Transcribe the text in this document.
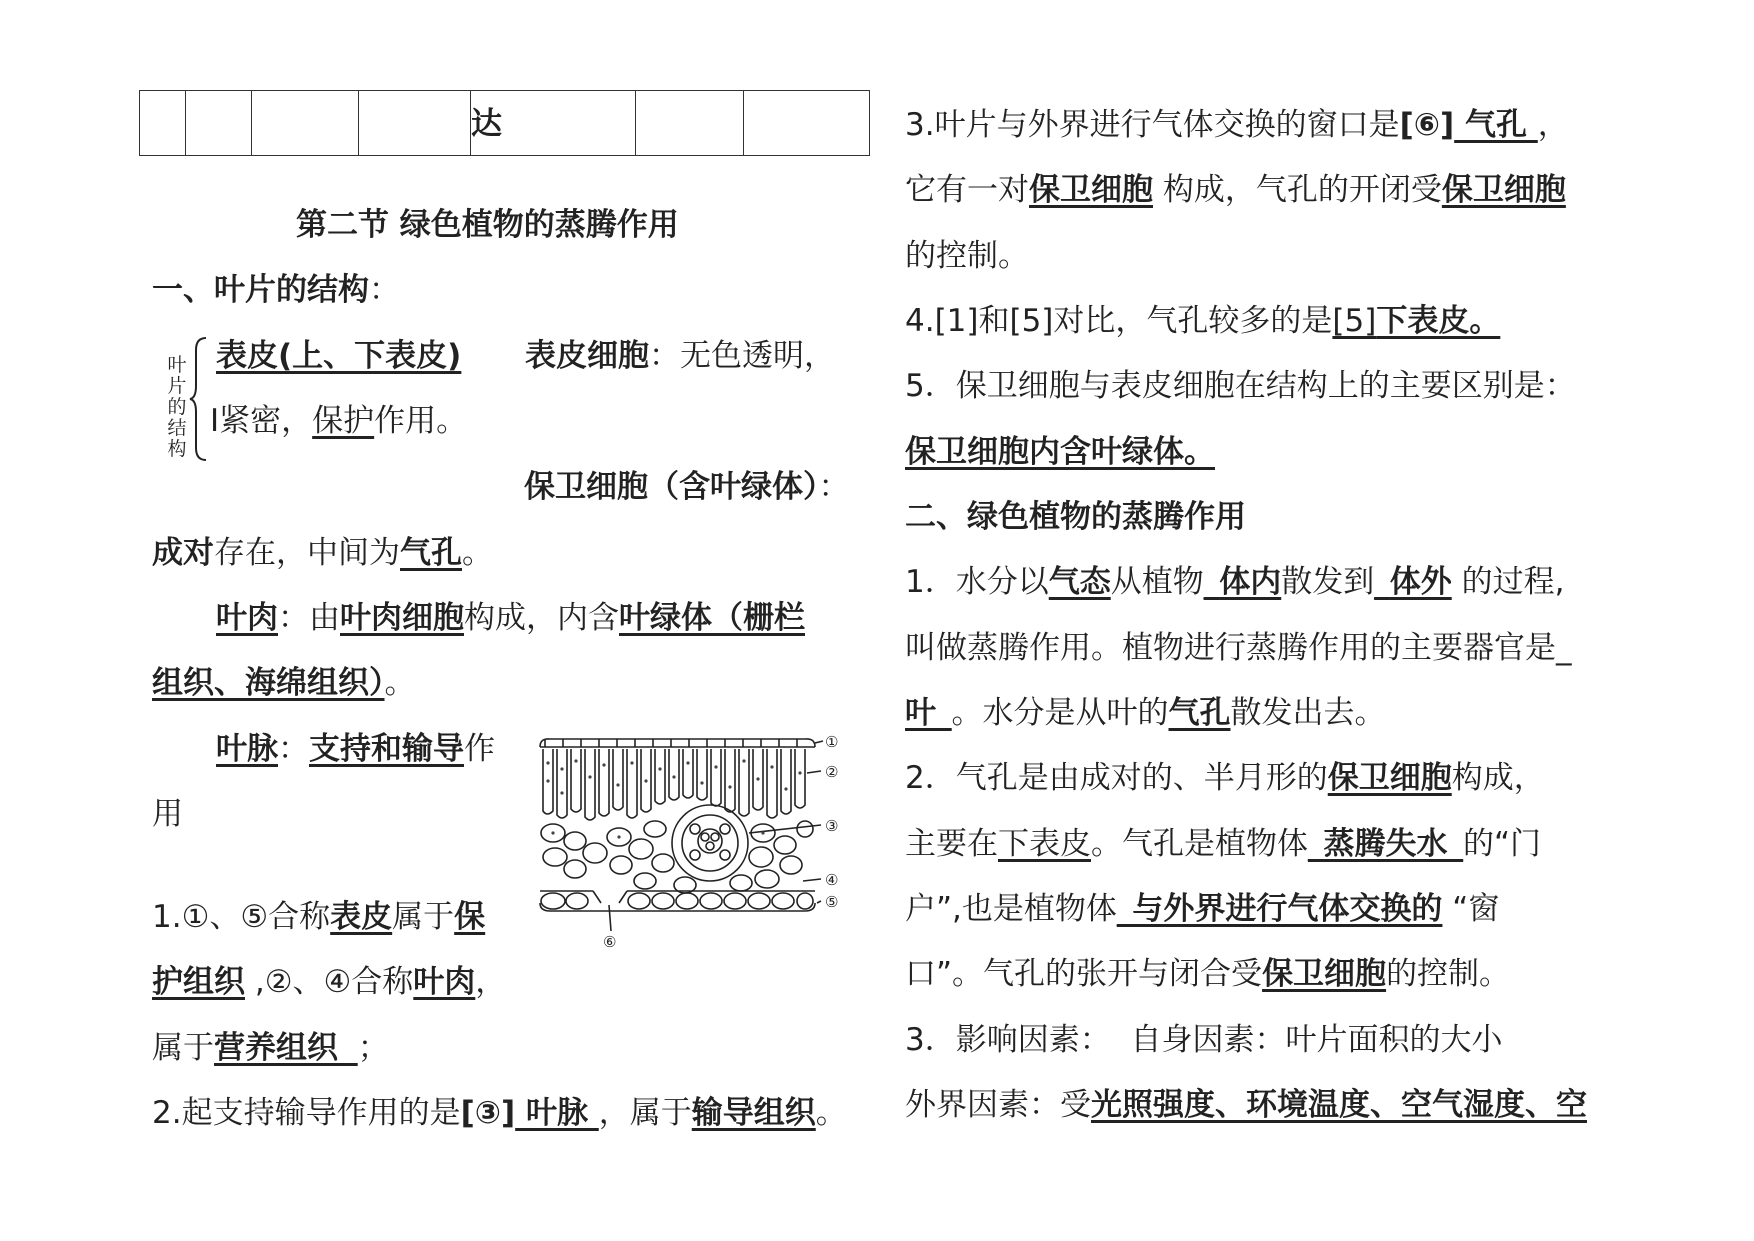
达
第二节 绿色植物的蒸腾作用
一、叶片的结构：
叶片的结构
表皮(上、下表皮) 表皮细胞：无色透明，
I紧密，保护作用。
保卫细胞（含叶绿体）：
成对存在，中间为气孔。
叶肉：由叶肉细胞构成，内含叶绿体（栅栏
组织、海绵组织）。
叶脉：支持和输导作
用
1.①、⑤合称表皮属于保
护组织 ,②、④合称叶肉，
属于营养组织 ；
2.起支持输导作用的是[③] 叶脉 ，属于输导组织。
①
②
③
④
⑤
⑥
3.叶片与外界进行气体交换的窗口是[⑥] 气孔 ，
它有一对保卫细胞 构成，气孔的开闭受保卫细胞
的控制。
4.[1]和[5]对比，气孔较多的是[5]下表皮。
5．保卫细胞与表皮细胞在结构上的主要区别是：
保卫细胞内含叶绿体。
二、绿色植物的蒸腾作用
1．水分以气态从植物_体内散发到_体外 的过程,
叫做蒸腾作用。植物进行蒸腾作用的主要器官是_
叶_。水分是从叶的气孔散发出去。
2．气孔是由成对的、半月形的保卫细胞构成，
主要在下表皮。气孔是植物体_蒸腾失水_的“门
户”,也是植物体_与外界进行气体交换的 “窗
口”。气孔的张开与闭合受保卫细胞的控制。
3．影响因素： 自身因素：叶片面积的大小
外界因素：受光照强度、环境温度、空气湿度、空
